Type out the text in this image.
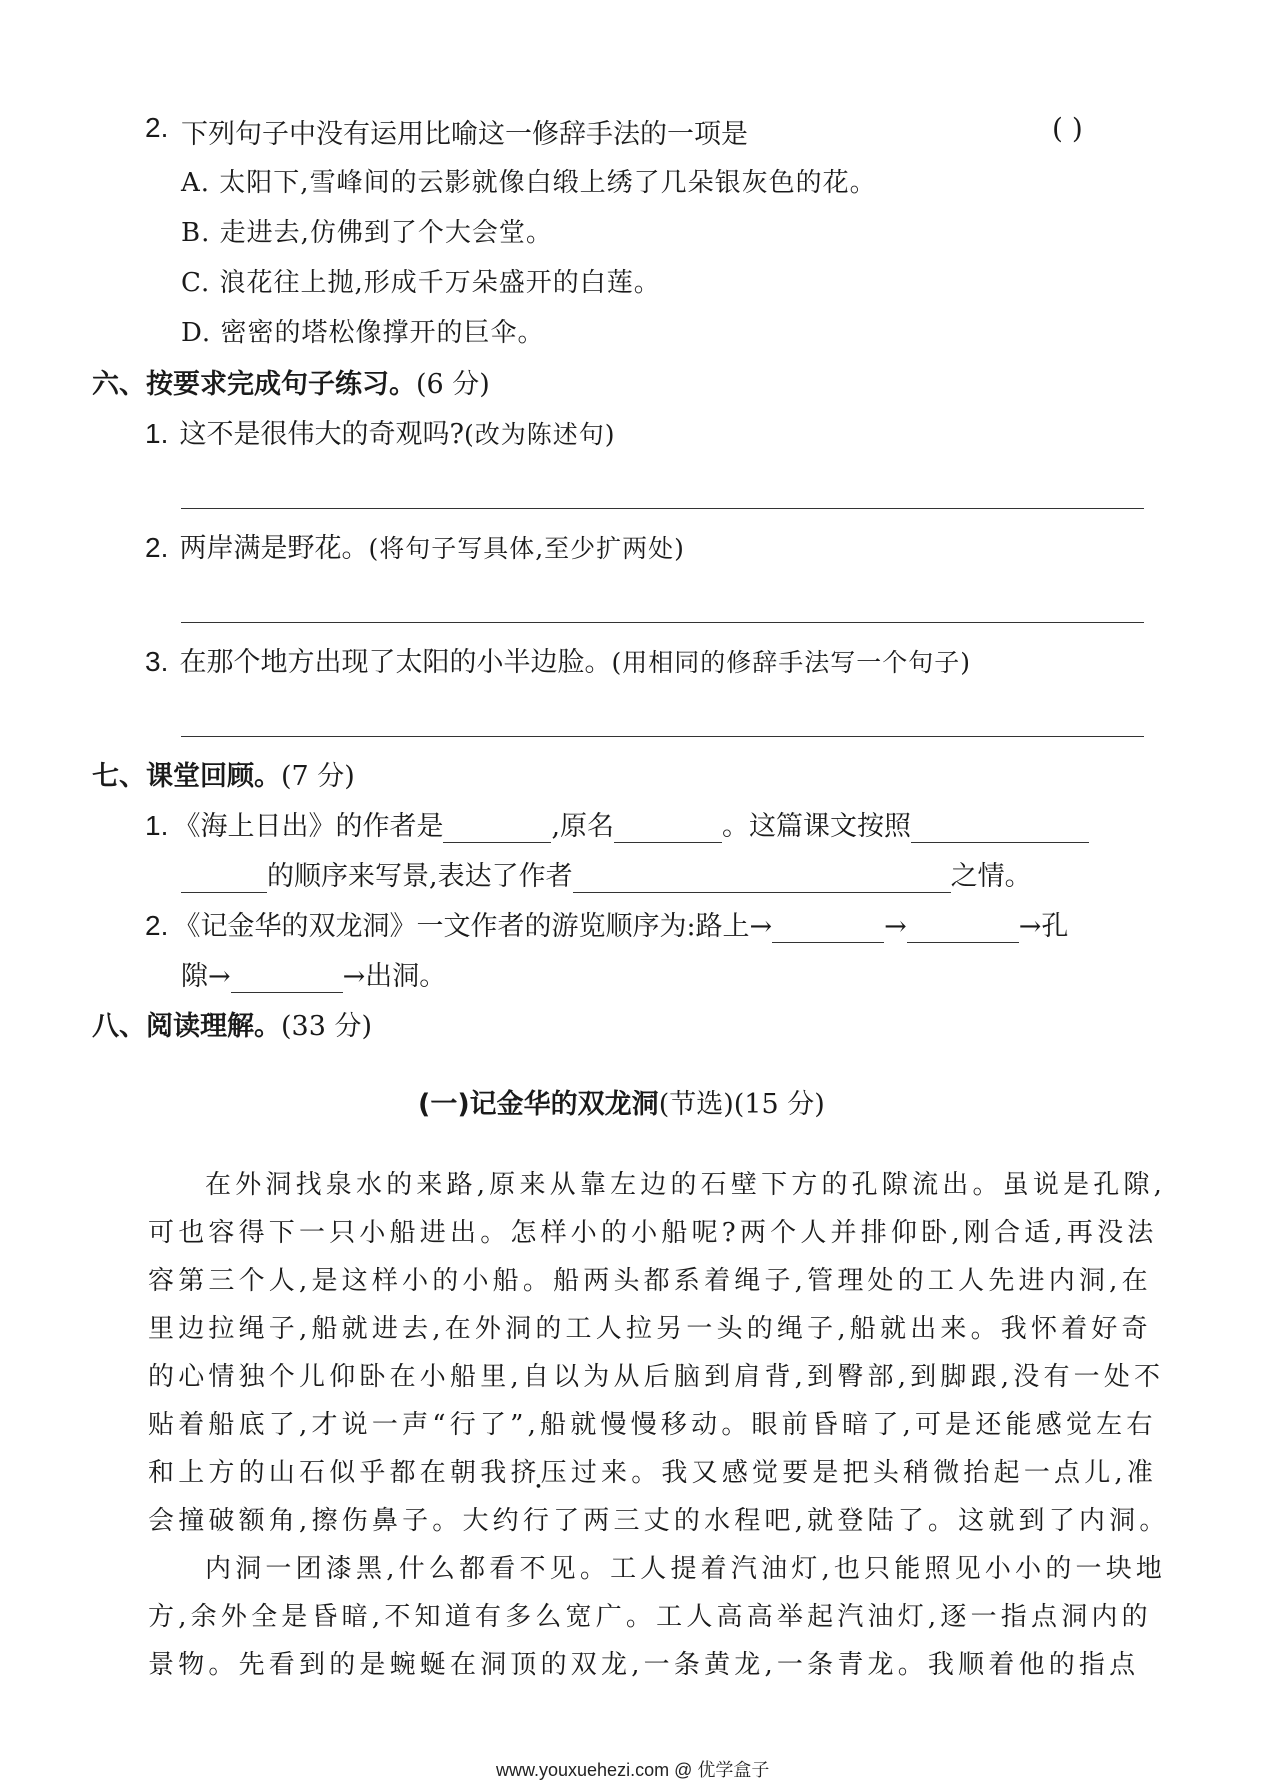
2. 下列句子中没有运用比喻这一修辞手法的一项是	( )
A. 太阳下,雪峰间的云影就像白缎上绣了几朵银灰色的花。
B. 走进去,仿佛到了个大会堂。
C. 浪花往上抛,形成千万朵盛开的白莲。
D. 密密的塔松像撑开的巨伞。
六、按要求完成句子练习。(6 分)
1. 这不是很伟大的奇观吗?(改为陈述句)
2. 两岸满是野花。(将句子写具体,至少扩两处)
3. 在那个地方出现了太阳的小半边脸。(用相同的修辞手法写一个句子)
七、课堂回顾。(7 分)
1. 《海上日出》的作者是	,原名	。这篇课文按照
的顺序来写景,表达了作者	之情。
2. 《记金华的双龙洞》一文作者的游览顺序为:路上→	→	→孔
隙→	→出洞。
八、阅读理解。(33 分)
(一)记金华的双龙洞(节选)(15 分)
在外洞找泉水的来路,原来从靠左边的石壁下方的孔隙流出。虽说是孔隙,
可也容得下一只小船进出。怎样小的小船呢?两个人并排仰卧,刚合适,再没法
容第三个人,是这样小的小船。船两头都系着绳子,管理处的工人先进内洞,在
里边拉绳子,船就进去,在外洞的工人拉另一头的绳子,船就出来。我怀着好奇
的心情独个儿仰卧在小船里,自以为从后脑到肩背,到臀部,到脚跟,没有一处不
贴着船底了,才说一声“行了”,船就慢慢移动。眼前昏暗了,可是还能感觉左右
和上方的山石似乎都在朝我挤压过来。我又感觉要是把头稍微抬起一点儿,准
会撞破额角,擦伤鼻子。大约行了两三丈的水程吧,就登陆了。这就到了内洞。
内洞一团漆黑,什么都看不见。工人提着汽油灯,也只能照见小小的一块地
方,余外全是昏暗,不知道有多么宽广。工人高高举起汽油灯,逐一指点洞内的
景物。先看到的是蜿蜒在洞顶的双龙,一条黄龙,一条青龙。我顺着他的指点
www.youxuehezi.com @ 优学盒子
